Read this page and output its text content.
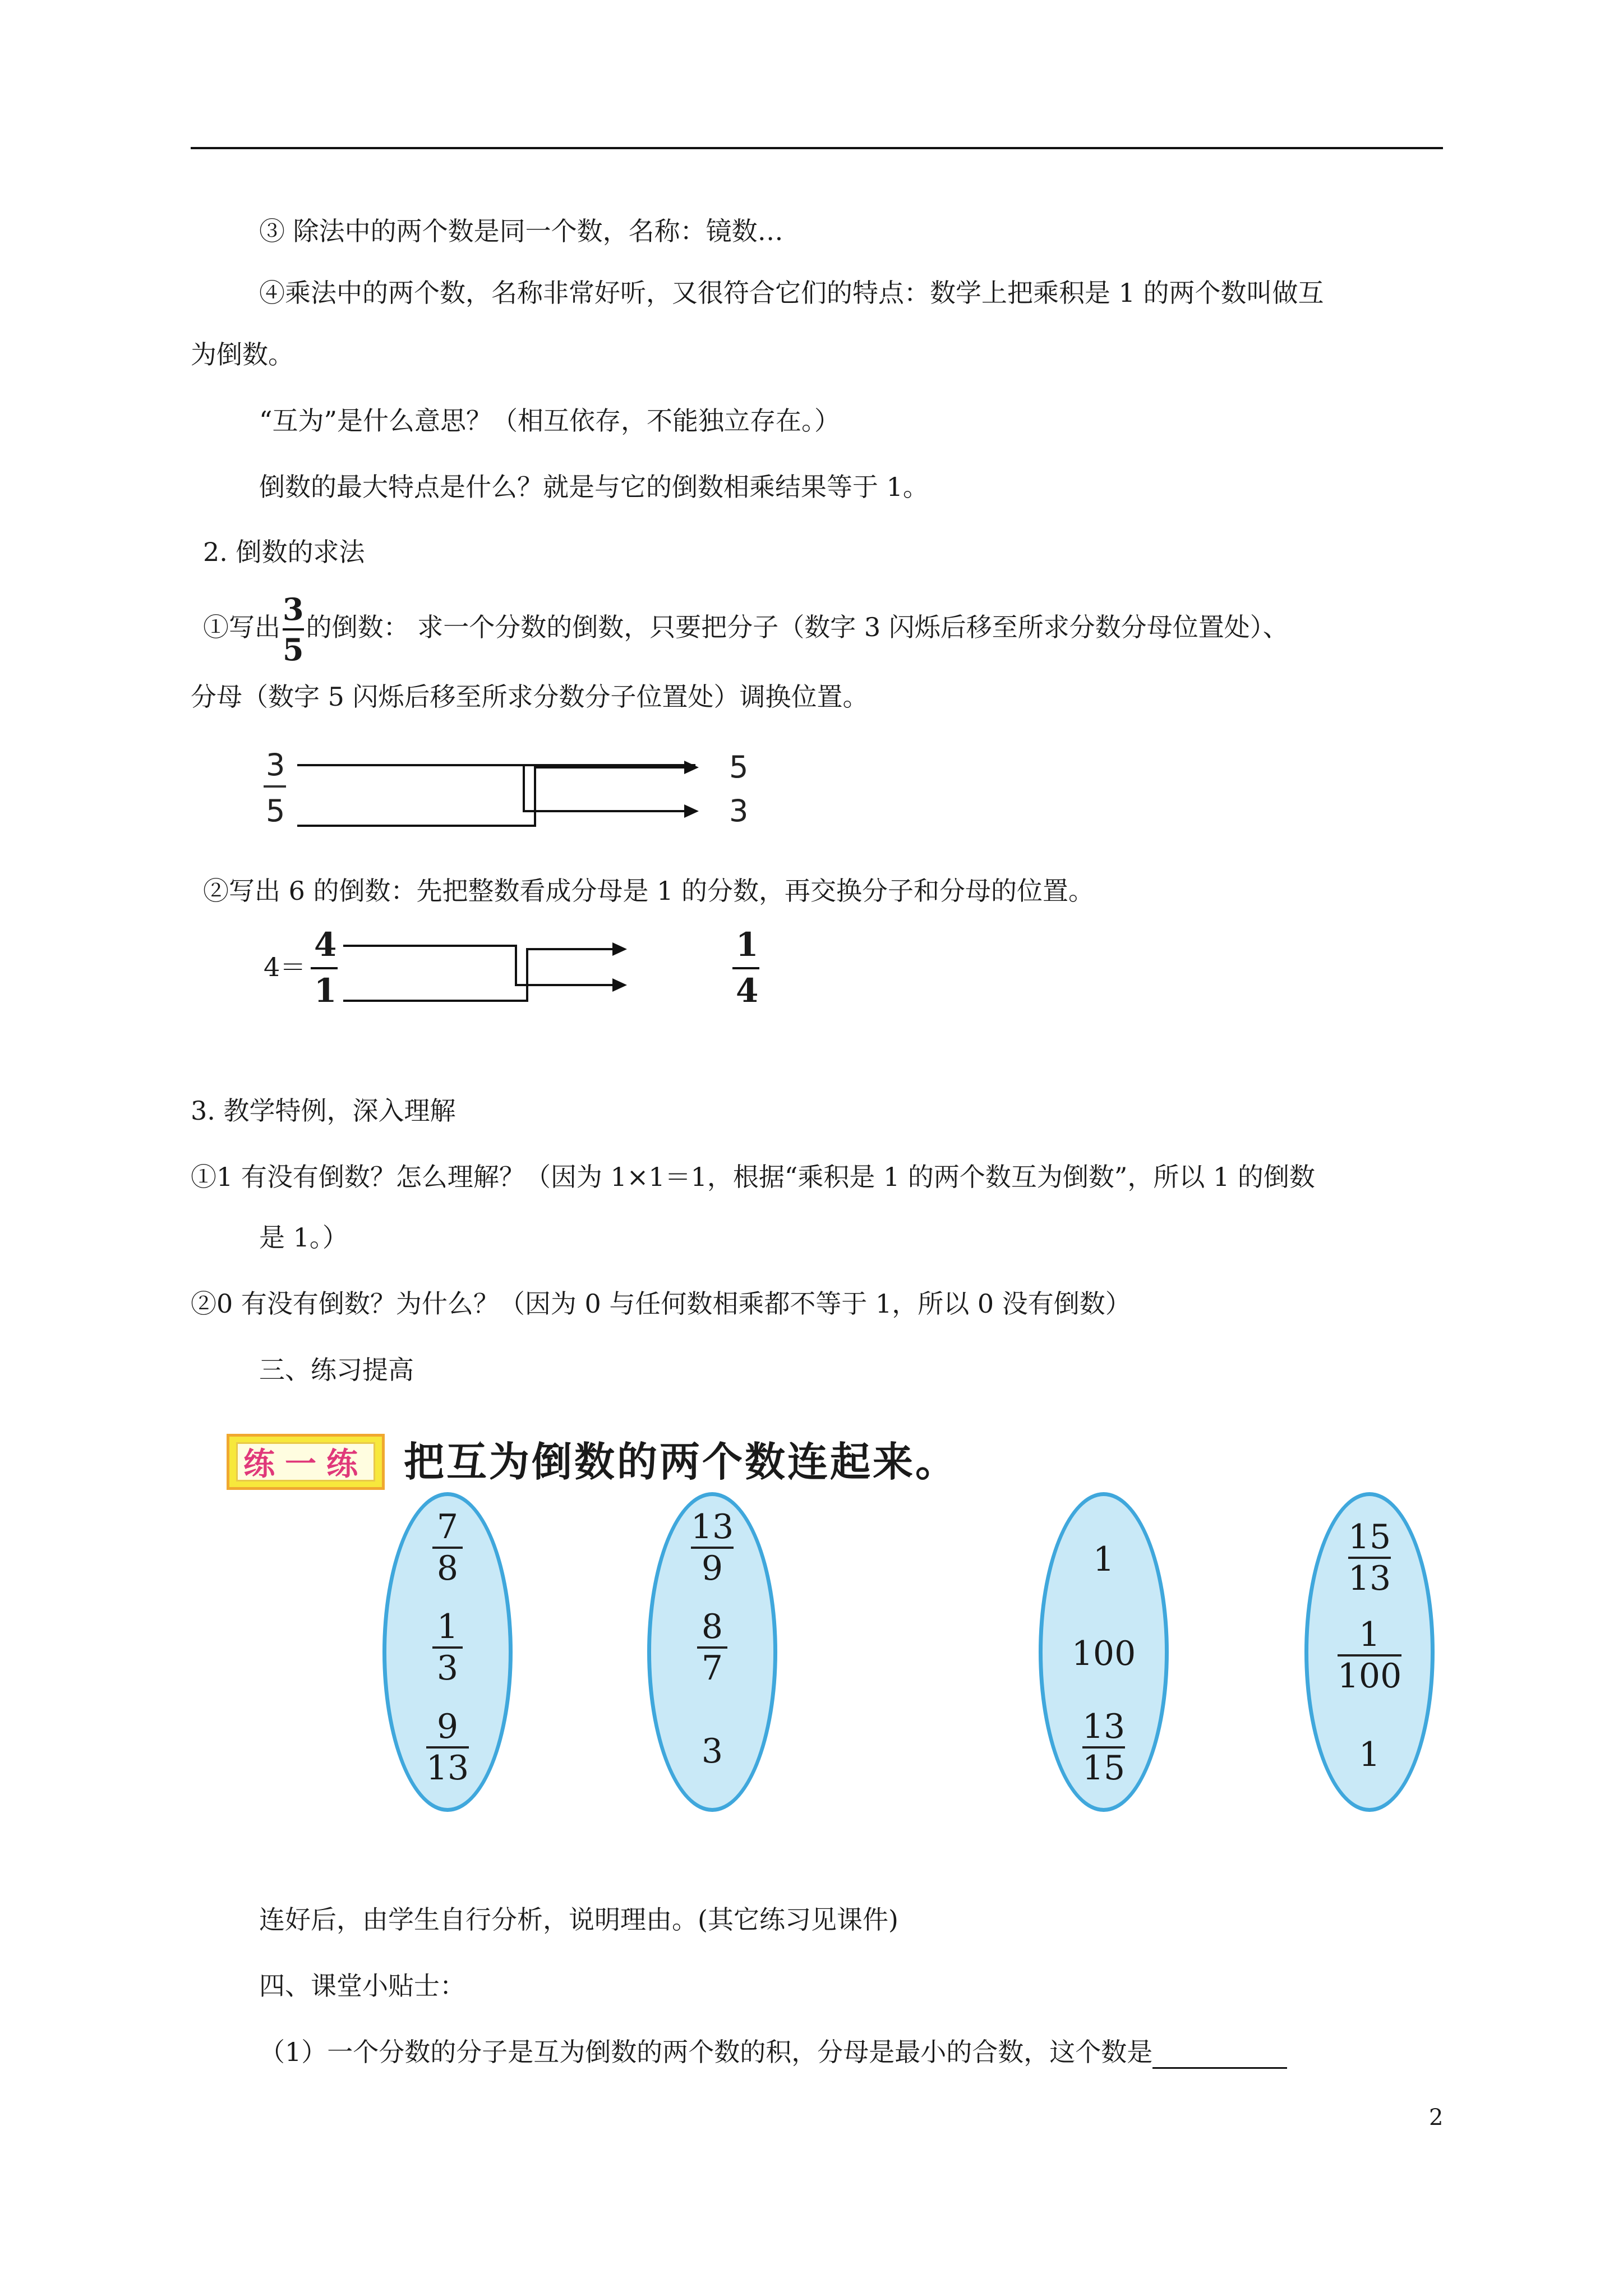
③ 除法中的两个数是同一个数，名称：镜数…
④乘法中的两个数，名称非常好听，又很符合它们的特点：数学上把乘积是 1 的两个数叫做互
为倒数。
“互为”是什么意思？（相互依存，不能独立存在。）
倒数的最大特点是什么？就是与它的倒数相乘结果等于 1。
2. 倒数的求法
①写出 $\frac{3}{5}$ 的倒数： 求一个分数的倒数，只要把分子（数字 3 闪烁后移至所求分数分母位置处）、
分母（数字 5 闪烁后移至所求分数分子位置处）调换位置。
3
5
5
3
②写出 6 的倒数：先把整数看成分母是 1 的分数，再交换分子和分母的位置。
4＝
4
1
1
4
3. 教学特例，深入理解
①1 有没有倒数？怎么理解？（因为 1×1＝1，根据“乘积是 1 的两个数互为倒数”，所以 1 的倒数
是 1。）
②0 有没有倒数？为什么？（因为 0 与任何数相乘都不等于 1，所以 0 没有倒数）
三、练习提高
练一练 把互为倒数的两个数连起来。
7
8
1
3
9
13
13
9
8
7
3
1
100
13
15
15
13
1
100
1
连好后，由学生自行分析，说明理由。(其它练习见课件)
四、课堂小贴士：
（1）一个分数的分子是互为倒数的两个数的积，分母是最小的合数，这个数是
2
